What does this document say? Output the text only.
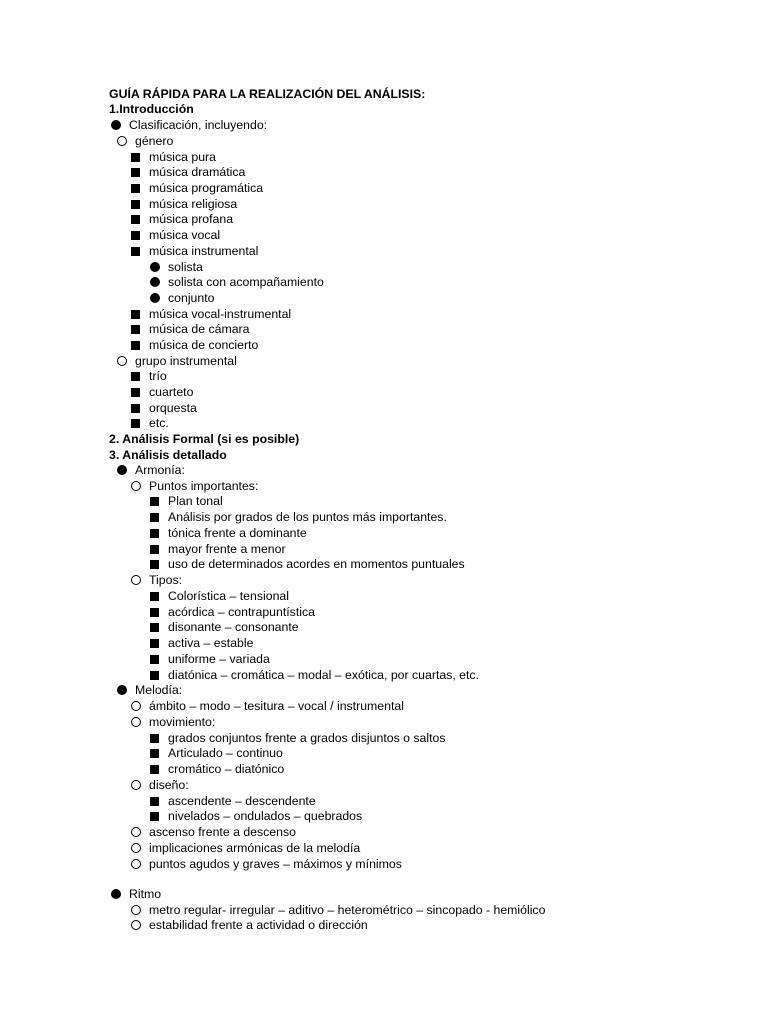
GUÍA RÁPIDA PARA LA REALIZACIÓN DEL ANÁLISIS:
1.Introducción
Clasificación, incluyendo:
género
música pura
música dramática
música programática
música religiosa
música profana
música vocal
música instrumental
solista
solista con acompañamiento
conjunto
música vocal-instrumental
música de cámara
música de concierto
grupo instrumental
trío
cuarteto
orquesta
etc.
2. Análisis Formal (si es posible)
3. Análisis detallado
Armonía:
Puntos importantes:
Plan tonal
Análisis por grados de los puntos más importantes.
tónica frente a dominante
mayor frente a menor
uso de determinados acordes en momentos puntuales
Tipos:
Colorística – tensional
acórdica – contrapuntística
disonante – consonante
activa – estable
uniforme – variada
diatónica – cromática – modal – exótica, por cuartas, etc.
Melodía:
ámbito – modo – tesitura – vocal / instrumental
movimiento:
grados conjuntos frente a grados disjuntos o saltos
Articulado – continuo
cromático – diatónico
diseño:
ascendente – descendente
nivelados – ondulados – quebrados
ascenso frente a descenso
implicaciones armónicas de la melodía
puntos agudos y graves – máximos y mínimos
Ritmo
metro regular- irregular – aditivo – heterométrico – sincopado - hemiólico
estabilidad frente a actividad o dirección
